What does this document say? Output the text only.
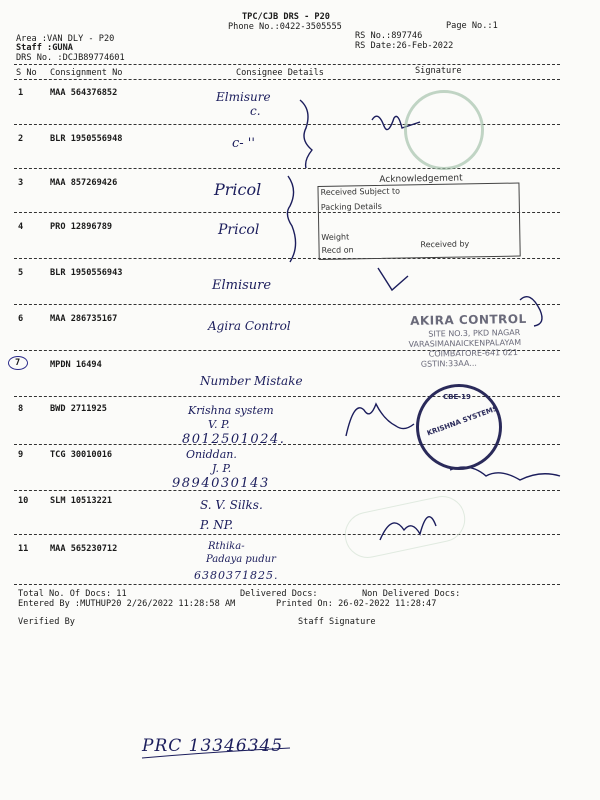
TPC/CJB DRS - P20
Phone No.:0422-3505555	Page No.:1
Area :VAN DLY - P20	RS No.:897746
Staff :GUNA	RS Date:26-Feb-2022
DRS No. :DCJB89774601
S No Consignment No	Consignee Details	Signature
1	MAA 564376852	Elmisure
c.
2	BLR 1950556948	c- ''
3	MAA 857269426	Pricol
4	PRO 12896789	Pricol
5	BLR 1950556943
Elmisure
6	MAA 286735167	Agira Control
7	MPDN 16494
Number Mistake
8	BWD 2711925	Krishna system
V. P.
8012501024.
9	TCG 30010016	Oniddan.
J. P.
9894030143
10	SLM 10513221	S. V. Silks.
P. NP.
11	MAA 565230712	Rthika-
Padaya pudur
6380371825.
Acknowledgement
Received Subject to
Packing Details
Weight
Recd on
Received by
AKIRA CONTROL
SITE NO.3, PKD NAGAR
VARASIMANAICKENPALAYAM
COIMBATORE-641 021
GSTIN:33AA...
KRISHNA SYSTEMS
CBE-19
Total No. Of Docs: 11	Delivered Docs:	Non Delivered Docs:
Entered By :MUTHUP20 2/26/2022 11:28:58 AM	Printed On: 26-02-2022 11:28:47
Verified By	Staff Signature
PRC 13346345
